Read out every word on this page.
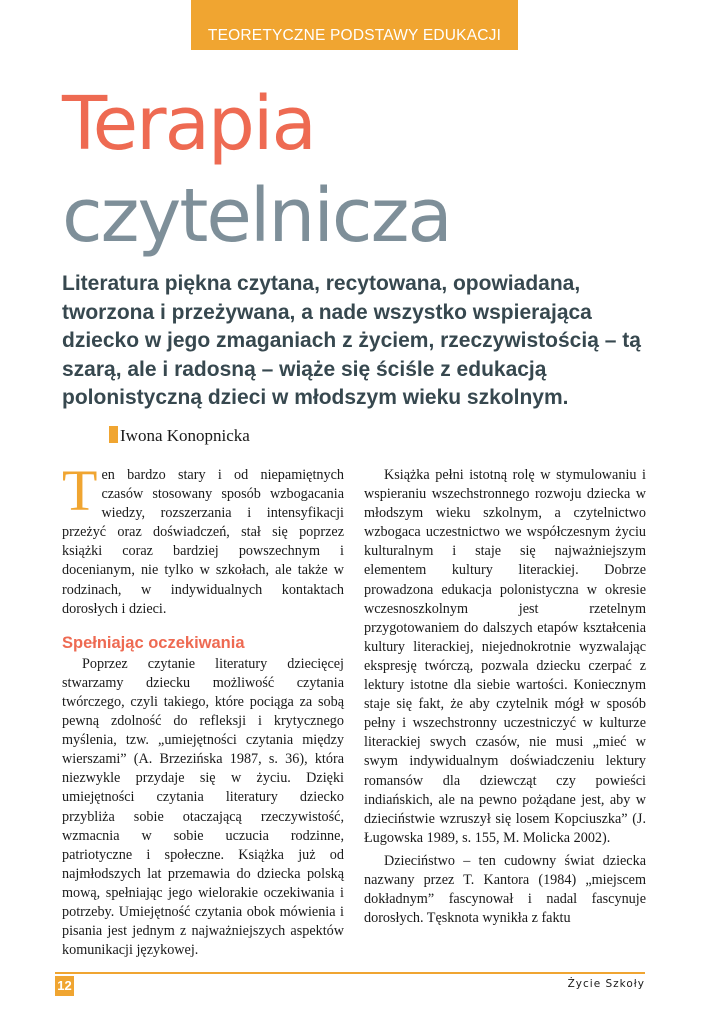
TEORETYCZNE PODSTAWY EDUKACJI
Terapia
czytelnicza

Literatura piękna czytana, recytowana, opowiadana, tworzona i przeżywana, a nade wszystko wspierająca dziecko w jego zmaganiach z życiem, rzeczywistością – tą szarą, ale i radosną – wiąże się ściśle z edukacją polonistyczną dzieci w młodszym wieku szkolnym.

Iwona Konopnicka

Ten bardzo stary i od niepamiętnych czasów stosowany sposób wzbogacania wiedzy, rozszerzania i intensyfikacji przeżyć oraz doświadczeń, stał się poprzez książki coraz bardziej powszechnym i docenianym, nie tylko w szkołach, ale także w rodzinach, w indywidualnych kontaktach dorosłych i dzieci.

Spełniając oczekiwania

Poprzez czytanie literatury dziecięcej stwarzamy dziecku możliwość czytania twórczego, czyli takiego, które pociąga za sobą pewną zdolność do refleksji i krytycznego myślenia, tzw. „umiejętności czytania między wierszami” (A. Brzezińska 1987, s. 36), która niezwykle przydaje się w życiu. Dzięki umiejętności czytania literatury dziecko przybliża sobie otaczającą rzeczywistość, wzmacnia w sobie uczucia rodzinne, patriotyczne i społeczne. Książka już od najmłodszych lat przemawia do dziecka polską mową, spełniając jego wielorakie oczekiwania i potrzeby. Umiejętność czytania obok mówienia i pisania jest jednym z najważniejszych aspektów komunikacji językowej.

Książka pełni istotną rolę w stymulowaniu i wspieraniu wszechstronnego rozwoju dziecka w młodszym wieku szkolnym, a czytelnictwo wzbogaca uczestnictwo we współczesnym życiu kulturalnym i staje się najważniejszym elementem kultury literackiej. Dobrze prowadzona edukacja polonistyczna w okresie wczesnoszkolnym jest rzetelnym przygotowaniem do dalszych etapów kształcenia kultury literackiej, niejednokrotnie wyzwalając ekspresję twórczą, pozwala dziecku czerpać z lektury istotne dla siebie wartości. Koniecznym staje się fakt, że aby czytelnik mógł w sposób pełny i wszechstronny uczestniczyć w kulturze literackiej swych czasów, nie musi „mieć w swym indywidualnym doświadczeniu lektury romansów dla dziewcząt czy powieści indiańskich, ale na pewno pożądane jest, aby w dzieciństwie wzruszył się losem Kopciuszka” (J. Ługowska 1989, s. 155, M. Molicka 2002).

Dzieciństwo – ten cudowny świat dziecka nazwany przez T. Kantora (1984) „miejscem dokładnym” fascynował i nadal fascynuje dorosłych. Tęsknota wynikła z faktu

12	Życie Szkoły
